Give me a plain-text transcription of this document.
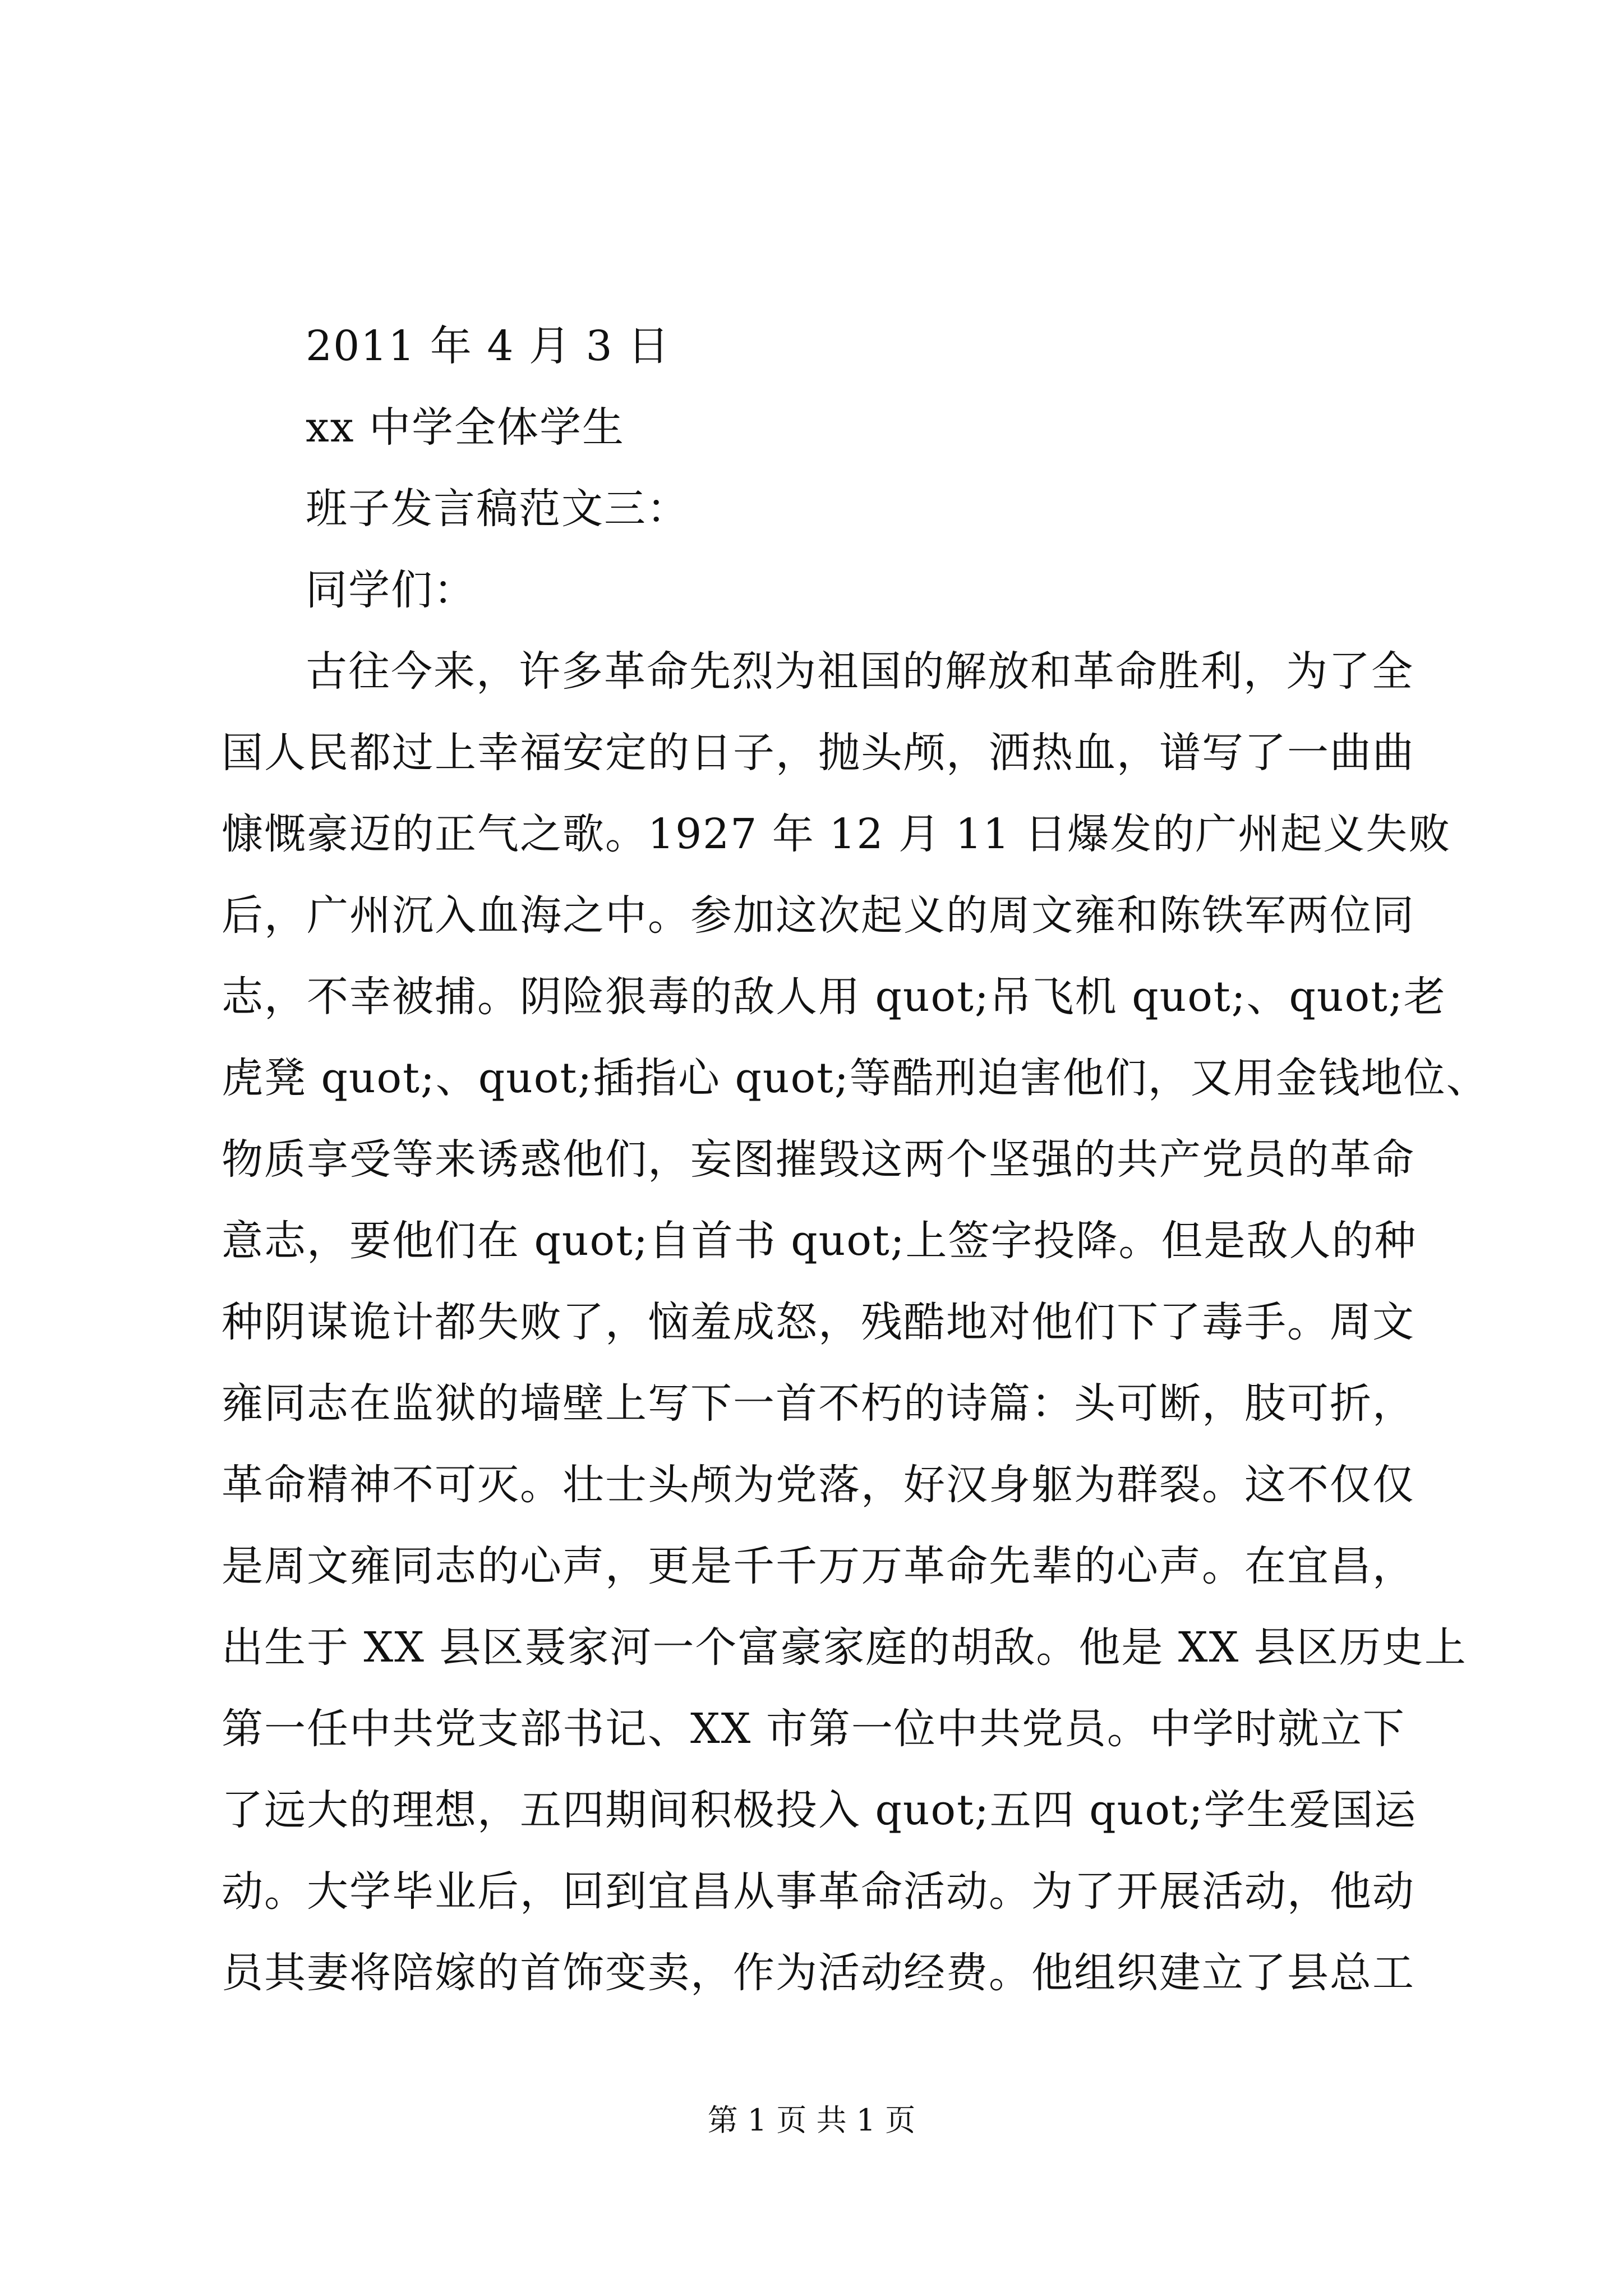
2011 年 4 月 3 日
xx 中学全体学生
班子发言稿范文三：
同学们：
古往今来，许多革命先烈为祖国的解放和革命胜利，为了全
国人民都过上幸福安定的日子，抛头颅，洒热血，谱写了一曲曲
慷慨豪迈的正气之歌。1927 年 12 月 11 日爆发的广州起义失败
后，广州沉入血海之中。参加这次起义的周文雍和陈铁军两位同
志，不幸被捕。阴险狠毒的敌人用 quot;吊飞机 quot;、quot;老
虎凳 quot;、quot;插指心 quot;等酷刑迫害他们，又用金钱地位、
物质享受等来诱惑他们，妄图摧毁这两个坚强的共产党员的革命
意志，要他们在 quot;自首书 quot;上签字投降。但是敌人的种
种阴谋诡计都失败了，恼羞成怒，残酷地对他们下了毒手。周文
雍同志在监狱的墙壁上写下一首不朽的诗篇：头可断，肢可折，
革命精神不可灭。壮士头颅为党落，好汉身躯为群裂。这不仅仅
是周文雍同志的心声，更是千千万万革命先辈的心声。在宜昌，
出生于 XX 县区聂家河一个富豪家庭的胡敌。他是 XX 县区历史上
第一任中共党支部书记、XX 市第一位中共党员。中学时就立下
了远大的理想，五四期间积极投入 quot;五四 quot;学生爱国运
动。大学毕业后，回到宜昌从事革命活动。为了开展活动，他动
员其妻将陪嫁的首饰变卖，作为活动经费。他组织建立了县总工
第 1 页 共 1 页
